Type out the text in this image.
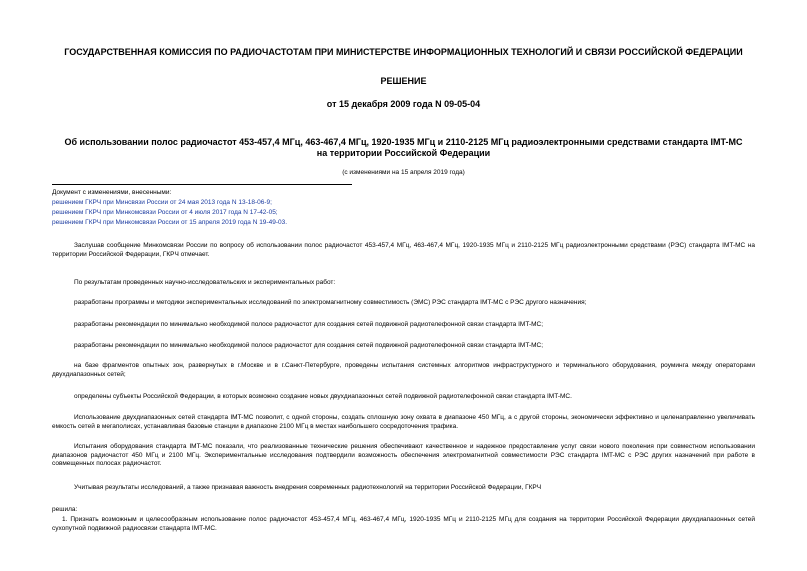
ГОСУДАРСТВЕННАЯ КОМИССИЯ ПО РАДИОЧАСТОТАМ ПРИ МИНИСТЕРСТВЕ ИНФОРМАЦИОННЫХ ТЕХНОЛОГИЙ И СВЯЗИ РОССИЙСКОЙ ФЕДЕРАЦИИ
РЕШЕНИЕ
от 15 декабря 2009 года N 09-05-04
Об использовании полос радиочастот 453-457,4 МГц, 463-467,4 МГц, 1920-1935 МГц и 2110-2125 МГц радиоэлектронными средствами стандарта IMT-MC на территории Российской Федерации
(с изменениями на 15 апреля 2019 года)
Документ с изменениями, внесенными:
решением ГКРЧ при Минсвязи России от 24 мая 2013 года N 13-18-06-9;
решением ГКРЧ при Минкомсвязи России от 4 июля 2017 года N 17-42-05;
решением ГКРЧ при Минкомсвязи России от 15 апреля 2019 года N 19-49-03.

Заслушав сообщение Минкомсвязи России по вопросу об использовании полос радиочастот 453-457,4 МГц, 463-467,4 МГц, 1920-1935 МГц и 2110-2125 МГц радиоэлектронными средствами (РЭС) стандарта IMT-MC на территории Российской Федерации, ГКРЧ отмечает.

По результатам проведенных научно-исследовательских и экспериментальных работ:

разработаны программы и методики экспериментальных исследований по электромагнитному совместимость (ЭМС) РЭС стандарта IMT-MC с РЭС другого назначения;

разработаны рекомендации по минимально необходимой полосе радиочастот для создания сетей подвижной радиотелефонной связи стандарта IMT-MC;

разработаны рекомендации по минимально необходимой полосе радиочастот для создания сетей подвижной радиотелефонной связи стандарта IMT-MC;

на базе фрагментов опытных зон, развернутых в г.Москве и в г.Санкт-Петербурге, проведены испытания системных алгоритмов инфраструктурного и терминального оборудования, роуминга между операторами двухдиапазонных сетей;

определены субъекты Российской Федерации, в которых возможно создание новых двухдиапазонных сетей подвижной радиотелефонной связи стандарта IMT-MC.

Использование двухдиапазонных сетей стандарта IMT-MC позволит, с одной стороны, создать сплошную зону охвата в диапазоне 450 МГц, а с другой стороны, экономически эффективно и целенаправленно увеличивать емкость сетей в мегаполисах, устанавливая базовые станции в диапазоне 2100 МГц в местах наибольшего сосредоточения трафика.

Испытания оборудования стандарта IMT-MC показали, что реализованные технические решения обеспечивают качественное и надежное предоставление услуг связи нового поколения при совместном использовании диапазонов радиочастот 450 МГц и 2100 МГц. Экспериментальные исследования подтвердили возможность обеспечения электромагнитной совместимости РЭС стандарта IMT-MC с РЭС других назначений при работе в совмещенных полосах радиочастот.

Учитывая результаты исследований, а также признавая важность внедрения современных радиотехнологий на территории Российской Федерации, ГКРЧ

решила:

1. Признать возможным и целесообразным использование полос радиочастот 453-457,4 МГц, 463-467,4 МГц, 1920-1935 МГц и 2110-2125 МГц для создания на территории Российской Федерации двухдиапазонных сетей сухопутной подвижной радиосвязи стандарта IMT-MC.
